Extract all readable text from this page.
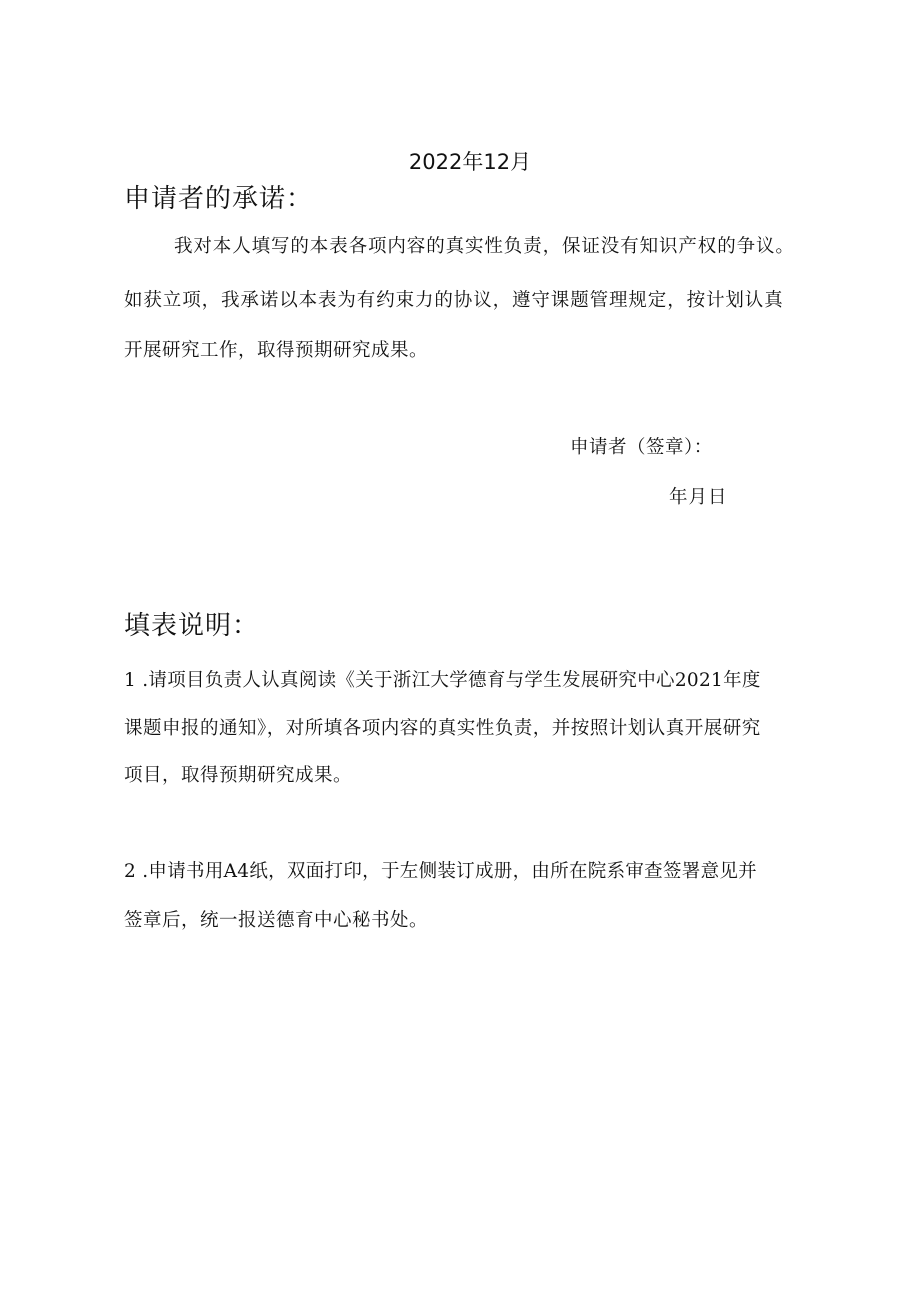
2022年12月
申请者的承诺：
我对本人填写的本表各项内容的真实性负责，保证没有知识产权的争议。
如获立项，我承诺以本表为有约束力的协议，遵守课题管理规定，按计划认真
开展研究工作，取得预期研究成果。
申请者（签章）：
年月日
填表说明：
1 .请项目负责人认真阅读《关于浙江大学德育与学生发展研究中心2021年度
课题申报的通知》，对所填各项内容的真实性负责，并按照计划认真开展研究
项目，取得预期研究成果。
2 .申请书用A4纸，双面打印，于左侧装订成册，由所在院系审查签署意见并
签章后，统一报送德育中心秘书处。
